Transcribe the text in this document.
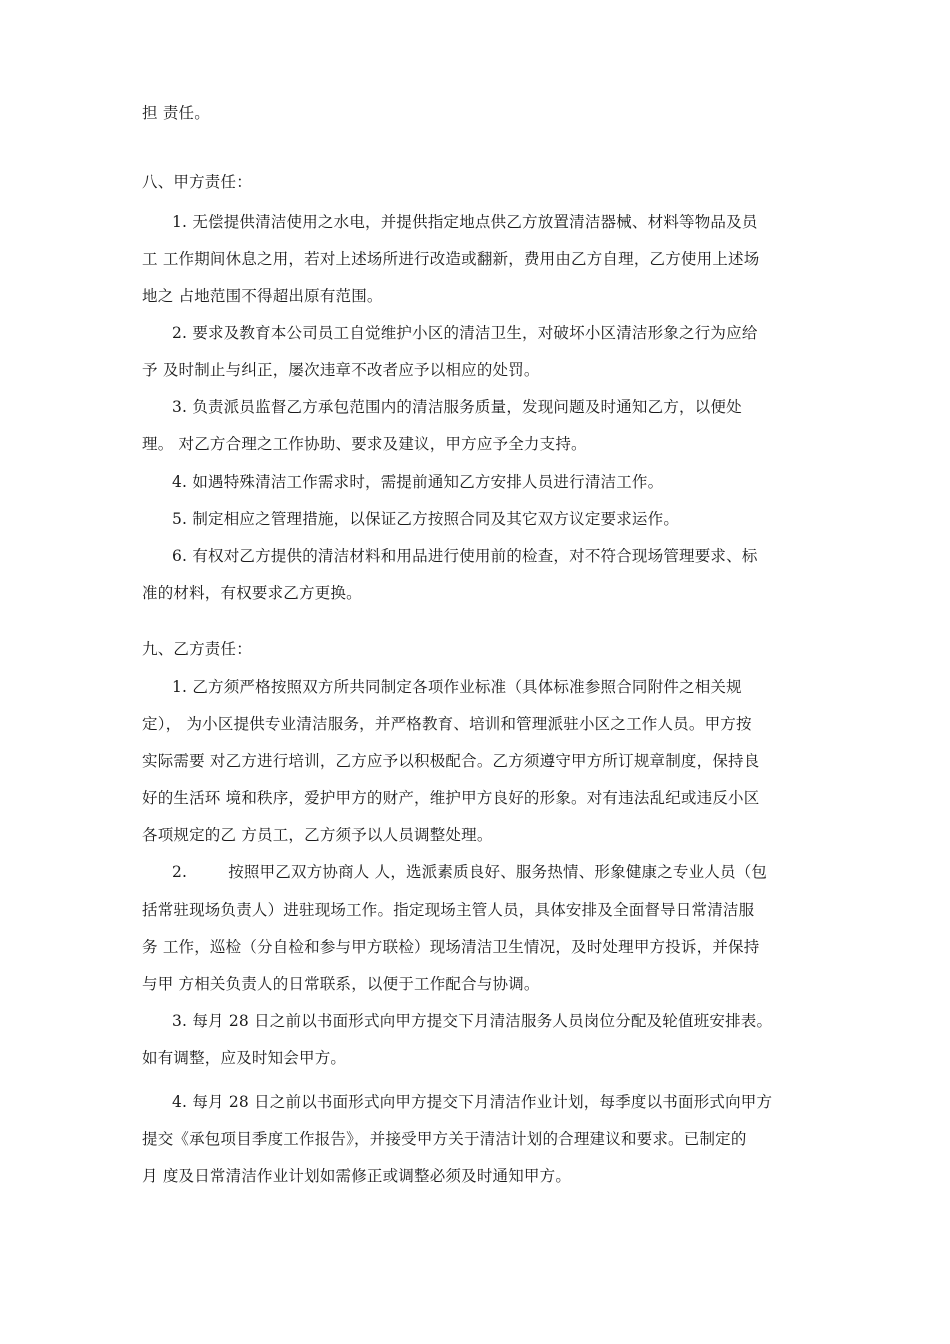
担 责任。
八、甲方责任：
1. 无偿提供清洁使用之水电，并提供指定地点供乙方放置清洁器械、材料等物品及员
工 工作期间休息之用，若对上述场所进行改造或翻新，费用由乙方自理，乙方使用上述场
地之 占地范围不得超出原有范围。
2. 要求及教育本公司员工自觉维护小区的清洁卫生，对破坏小区清洁形象之行为应给
予 及时制止与纠正，屡次违章不改者应予以相应的处罚。
3. 负责派员监督乙方承包范围内的清洁服务质量，发现问题及时通知乙方，以便处
理。 对乙方合理之工作协助、要求及建议，甲方应予全力支持。
4. 如遇特殊清洁工作需求时，需提前通知乙方安排人员进行清洁工作。
5. 制定相应之管理措施，以保证乙方按照合同及其它双方议定要求运作。
6. 有权对乙方提供的清洁材料和用品进行使用前的检查，对不符合现场管理要求、标
准的材料，有权要求乙方更换。
九、乙方责任：
1. 乙方须严格按照双方所共同制定各项作业标准（具体标准参照合同附件之相关规
定）， 为小区提供专业清洁服务，并严格教育、培训和管理派驻小区之工作人员。甲方按
实际需要 对乙方进行培训，乙方应予以积极配合。乙方须遵守甲方所订规章制度，保持良
好的生活环 境和秩序，爱护甲方的财产，维护甲方良好的形象。对有违法乱纪或违反小区
各项规定的乙 方员工，乙方须予以人员调整处理。
2.        按照甲乙双方协商人 人，选派素质良好、服务热情、形象健康之专业人员（包
括常驻现场负责人）进驻现场工作。指定现场主管人员，具体安排及全面督导日常清洁服
务 工作，巡检（分自检和参与甲方联检）现场清洁卫生情况，及时处理甲方投诉，并保持
与甲 方相关负责人的日常联系，以便于工作配合与协调。
3. 每月 28 日之前以书面形式向甲方提交下月清洁服务人员岗位分配及轮值班安排表。
如有调整，应及时知会甲方。
4. 每月 28 日之前以书面形式向甲方提交下月清洁作业计划，每季度以书面形式向甲方
提交《承包项目季度工作报告》，并接受甲方关于清洁计划的合理建议和要求。已制定的
月 度及日常清洁作业计划如需修正或调整必须及时通知甲方。
